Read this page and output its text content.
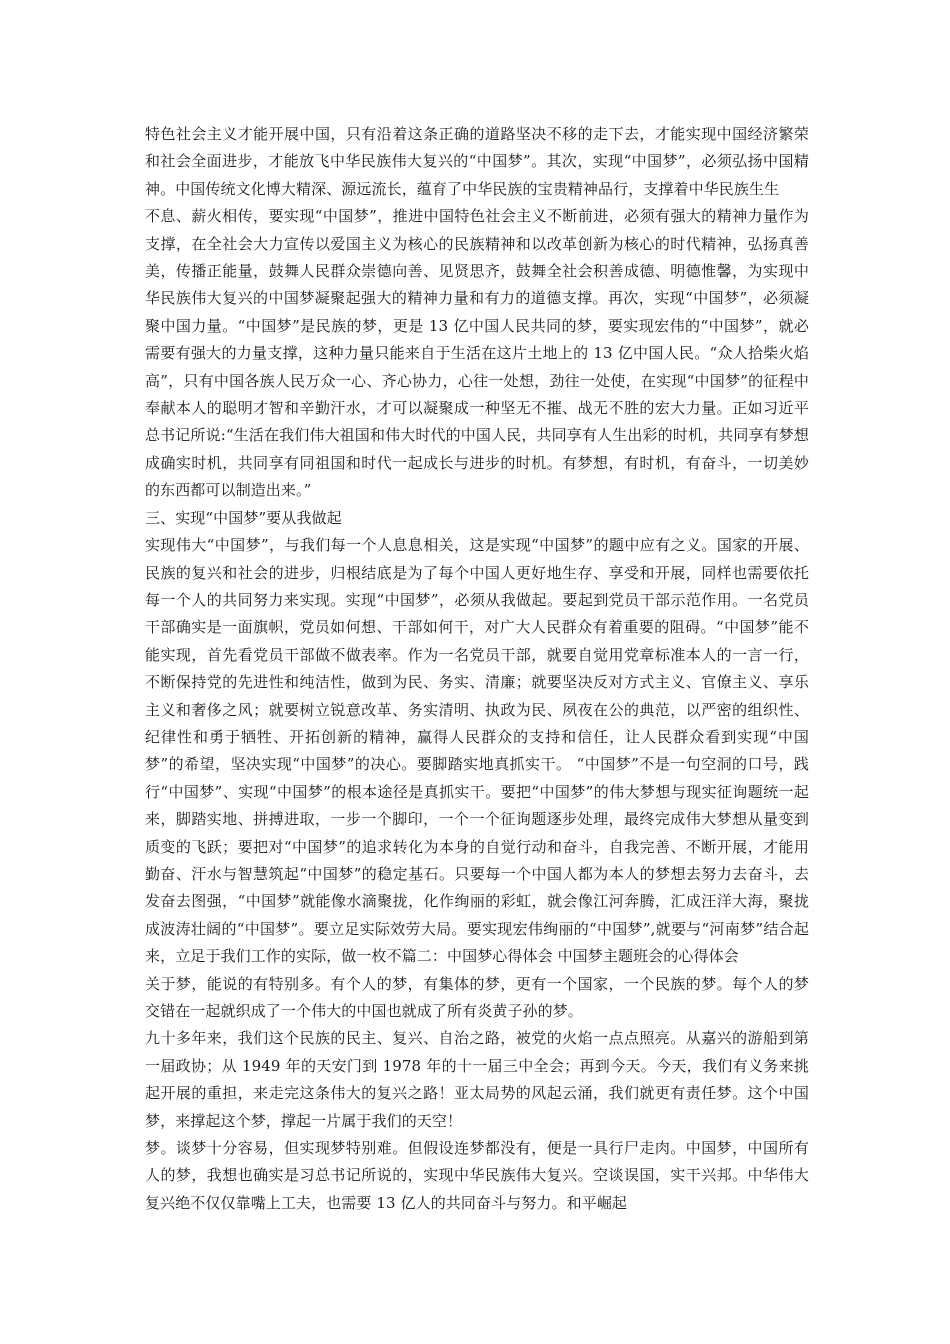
特色社会主义才能开展中国，只有沿着这条正确的道路坚决不移的走下去，才能实现中国经济繁荣和社会全面进步，才能放飞中华民族伟大复兴的“中国梦”。其次，实现“中国梦”，必须弘扬中国精神。中国传统文化博大精深、源远流长，蕴育了中华民族的宝贵精神品行，支撑着中华民族生生

不息、薪火相传，要实现“中国梦”，推进中国特色社会主义不断前进，必须有强大的精神力量作为支撑，在全社会大力宣传以爱国主义为核心的民族精神和以改革创新为核心的时代精神，弘扬真善美，传播正能量，鼓舞人民群众崇德向善、见贤思齐，鼓舞全社会积善成德、明德惟馨，为实现中华民族伟大复兴的中国梦凝聚起强大的精神力量和有力的道德支撑。再次，实现“中国梦”，必须凝聚中国力量。“中国梦”是民族的梦，更是 13 亿中国人民共同的梦，要实现宏伟的“中国梦”，就必需要有强大的力量支撑，这种力量只能来自于生活在这片土地上的 13 亿中国人民。“众人拾柴火焰高”，只有中国各族人民万众一心、齐心协力，心往一处想，劲往一处使，在实现“中国梦”的征程中奉献本人的聪明才智和辛勤汗水，才可以凝聚成一种坚无不摧、战无不胜的宏大力量。正如习近平总书记所说:“生活在我们伟大祖国和伟大时代的中国人民，共同享有人生出彩的时机，共同享有梦想成确实时机，共同享有同祖国和时代一起成长与进步的时机。有梦想，有时机，有奋斗，一切美妙的东西都可以制造出来。”

三、实现“中国梦”要从我做起

实现伟大“中国梦”，与我们每一个人息息相关，这是实现“中国梦”的题中应有之义。国家的开展、民族的复兴和社会的进步，归根结底是为了每个中国人更好地生存、享受和开展，同样也需要依托每一个人的共同努力来实现。实现“中国梦”，必须从我做起。要起到党员干部示范作用。一名党员干部确实是一面旗帜，党员如何想、干部如何干，对广大人民群众有着重要的阻碍。“中国梦”能不能实现，首先看党员干部做不做表率。作为一名党员干部，就要自觉用党章标准本人的一言一行，不断保持党的先进性和纯洁性，做到为民、务实、清廉；就要坚决反对方式主义、官僚主义、享乐主义和奢侈之风；就要树立锐意改革、务实清明、执政为民、夙夜在公的典范，以严密的组织性、纪律性和勇于牺牲、开拓创新的精神，赢得人民群众的支持和信任，让人民群众看到实现“中国梦”的希望，坚决实现“中国梦”的决心。要脚踏实地真抓实干。 “中国梦”不是一句空洞的口号，践行“中国梦”、实现“中国梦”的根本途径是真抓实干。要把“中国梦”的伟大梦想与现实征询题统一起来，脚踏实地、拼搏进取，一步一个脚印，一个一个征询题逐步处理，最终完成伟大梦想从量变到质变的飞跃；要把对“中国梦”的追求转化为本身的自觉行动和奋斗，自我完善、不断开展，才能用勤奋、汗水与智慧筑起“中国梦”的稳定基石。只要每一个中国人都为本人的梦想去努力去奋斗，去发奋去图强，“中国梦”就能像水滴聚拢，化作绚丽的彩虹，就会像江河奔腾，汇成汪洋大海，聚拢成波涛壮阔的“中国梦”。要立足实际效劳大局。要实现宏伟绚丽的“中国梦”,就要与“河南梦”结合起来，立足于我们工作的实际，做一枚不篇二：中国梦心得体会 中国梦主题班会的心得体会

关于梦，能说的有特别多。有个人的梦，有集体的梦，更有一个国家，一个民族的梦。每个人的梦交错在一起就织成了一个伟大的中国也就成了所有炎黄子孙的梦。

九十多年来，我们这个民族的民主、复兴、自治之路，被党的火焰一点点照亮。从嘉兴的游船到第一届政协；从 1949 年的天安门到 1978 年的十一届三中全会；再到今天。今天，我们有义务来挑起开展的重担，来走完这条伟大的复兴之路！亚太局势的风起云涌，我们就更有责任梦。这个中国梦，来撑起这个梦，撑起一片属于我们的天空！

梦。谈梦十分容易，但实现梦特别难。但假设连梦都没有，便是一具行尸走肉。中国梦，中国所有人的梦，我想也确实是习总书记所说的，实现中华民族伟大复兴。空谈误国，实干兴邦。中华伟大复兴绝不仅仅靠嘴上工夫，也需要 13 亿人的共同奋斗与努力。和平崛起
